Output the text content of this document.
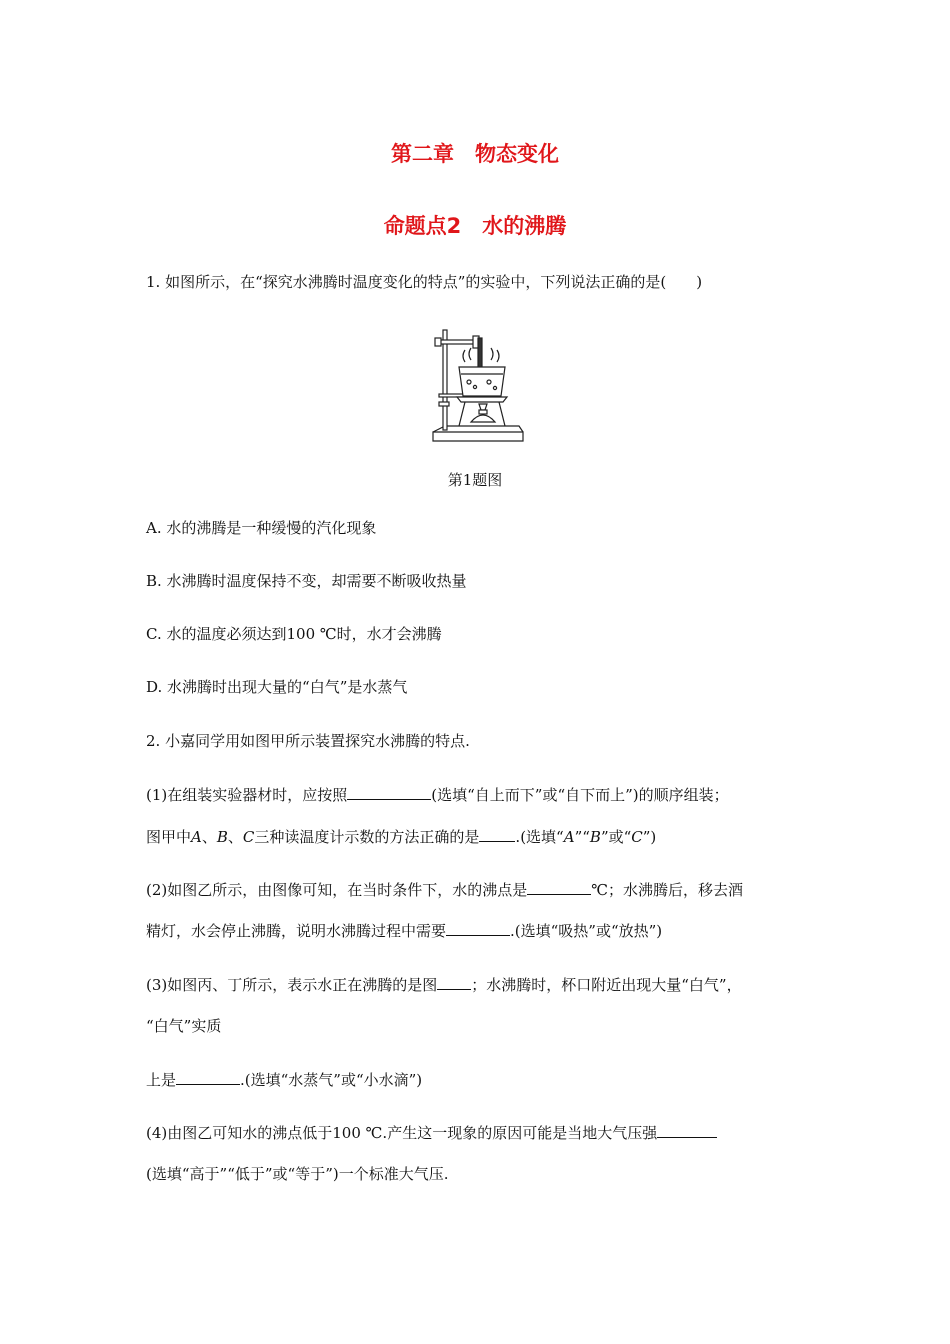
第二章　物态变化
命题点2　水的沸腾
1. 如图所示，在“探究水沸腾时温度变化的特点”的实验中，下列说法正确的是(　　)
第1题图
A. 水的沸腾是一种缓慢的汽化现象
B. 水沸腾时温度保持不变，却需要不断吸收热量
C. 水的温度必须达到100 ℃时，水才会沸腾
D. 水沸腾时出现大量的“白气”是水蒸气
2. 小嘉同学用如图甲所示装置探究水沸腾的特点.
(1)在组装实验器材时，应按照	(选填“自上而下”或“自下而上”)的顺序组装；
图甲中A、B、C三种读温度计示数的方法正确的是 .(选填“A”“B”或“C”)
(2)如图乙所示，由图像可知，在当时条件下，水的沸点是	℃；水沸腾后，移去酒
精灯，水会停止沸腾，说明水沸腾过程中需要	.(选填“吸热”或“放热”)
(3)如图丙、丁所示，表示水正在沸腾的是图 ；水沸腾时，杯口附近出现大量“白气”，
“白气”实质
上是	.(选填“水蒸气”或“小水滴”)
(4)由图乙可知水的沸点低于100 ℃.产生这一现象的原因可能是当地大气压强
(选填“高于”“低于”或“等于”)一个标准大气压.
